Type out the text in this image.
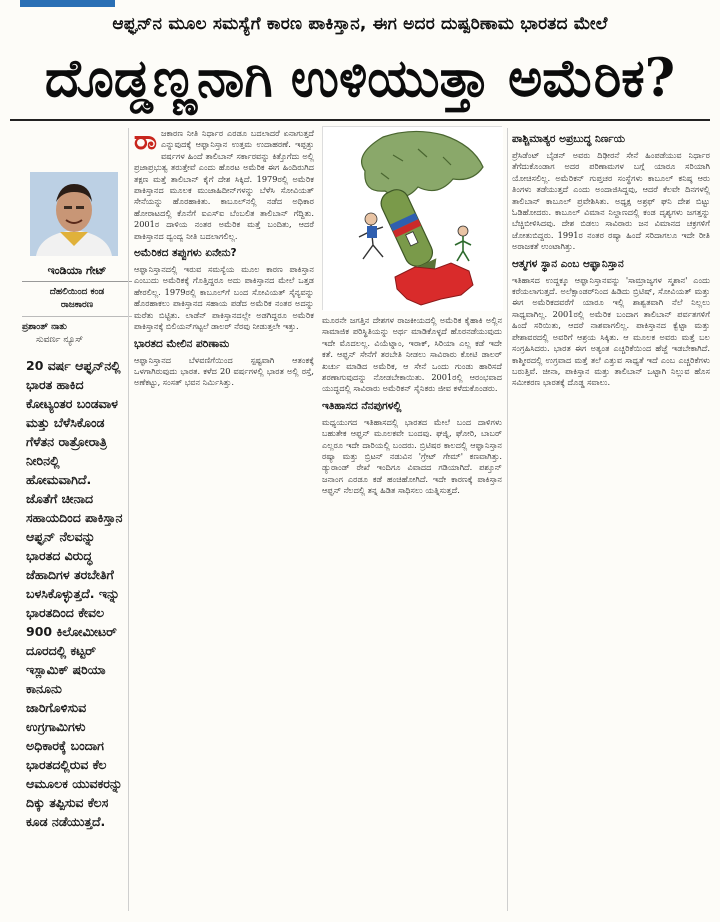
ಆಫ್ಘನ್‌ನ ಮೂಲ ಸಮಸ್ಯೆಗೆ ಕಾರಣ ಪಾಕಿಸ್ತಾನ, ಈಗ ಅದರ ದುಷ್ಪರಿಣಾಮ ಭಾರತದ ಮೇಲೆ
ದೊಡ್ಡಣ್ಣನಾಗಿ ಉಳಿಯುತ್ತಾ ಅಮೆರಿಕ?
ಇಂಡಿಯಾ ಗೇಟ್
ದೆಹಲಿಯಿಂದ ಕಂಡ
ರಾಜಕಾರಣ
ಪ್ರಶಾಂತ್ ನಾತು
ಸುವರ್ಣ ನ್ಯೂಸ್
20 ವರ್ಷ ಆಫ್ಘನ್‌ನಲ್ಲಿ ಭಾರತ ಹಾಕಿದ ಕೋಟ್ಯಂತರ ಬಂಡವಾಳ ಮತ್ತು ಬೆಳೆಸಿಕೊಂಡ ಗೆಳೆತನ ರಾತ್ರೋರಾತ್ರಿ ನೀರಿನಲ್ಲಿ ಹೋಮವಾಗಿದೆ. ಜೊತೆಗೆ ಚೀನಾದ ಸಹಾಯದಿಂದ ಪಾಕಿಸ್ತಾನ ಆಫ್ಘನ್ ನೆಲವನ್ನು ಭಾರತದ ವಿರುದ್ಧ ಜೆಹಾದಿಗಳ ತರಬೇತಿಗೆ ಬಳಸಿಕೊಳ್ಳುತ್ತದೆ. ಇನ್ನು ಭಾರತದಿಂದ ಕೇವಲ 900 ಕಿಲೋಮೀಟರ್ ದೂರದಲ್ಲಿ ಕಟ್ಟರ್ ಇಸ್ಲಾಮಿಕ್ ಷರಿಯಾ ಕಾನೂನು ಜಾರಿಗೊಳಿಸುವ ಉಗ್ರಗಾಮಿಗಳು ಅಧಿಕಾರಕ್ಕೆ ಬಂದಾಗ ಭಾರತದಲ್ಲಿರುವ ಕೆಲ ಆಮೂಲಕ ಯುವಕರನ್ನು ದಿಕ್ಕು ತಪ್ಪಿಸುವ ಕೆಲಸ ಕೂಡ ನಡೆಯುತ್ತದೆ.

ರಾಜಕಾರಣ ನೀತಿ ನಿರ್ಧಾರ ಎರಡೂ ಬದಲಾದರೆ ಏನಾಗುತ್ತದೆ ಎನ್ನುವುದಕ್ಕೆ ಆಫ್ಘಾನಿಸ್ತಾನ ಉತ್ತಮ ಉದಾಹರಣೆ. ಇಪ್ಪತ್ತು ವರ್ಷಗಳ ಹಿಂದೆ ತಾಲಿಬಾನ್ ಸರ್ಕಾರವನ್ನು ಕಿತ್ತೊಗೆದು ಅಲ್ಲಿ ಪ್ರಜಾಪ್ರಭುತ್ವ ತರುತ್ತೇವೆ ಎಂದು ಹೊರಟ ಅಮೆರಿಕ ಈಗ ಹಿಂದಿರುಗಿದ ತಕ್ಷಣ ಮತ್ತೆ ತಾಲಿಬಾನ್ ಕೈಗೆ ದೇಶ ಸಿಕ್ಕಿದೆ. 1979ರಲ್ಲಿ ಅಮೆರಿಕ ಪಾಕಿಸ್ತಾನದ ಮೂಲಕ ಮುಜಾಹಿದೀನ್‌ಗಳನ್ನು ಬೆಳೆಸಿ ಸೋವಿಯತ್ ಸೇನೆಯನ್ನು ಹೊರಹಾಕಿತು. ಕಾಬೂಲ್‌ನಲ್ಲಿ ನಡೆದ ಅಧಿಕಾರ ಹೋರಾಟದಲ್ಲಿ ಕೊನೆಗೆ ಐಎಸ್‌ಐ ಬೆಂಬಲಿತ ತಾಲಿಬಾನ್ ಗೆದ್ದಿತು. 2001ರ ದಾಳಿಯ ನಂತರ ಅಮೆರಿಕ ಮತ್ತೆ ಬಂದಿತು, ಆದರೆ ಪಾಕಿಸ್ತಾನದ ದ್ವಂದ್ವ ನೀತಿ ಬದಲಾಗಲಿಲ್ಲ.

ಅಮೆರಿಕದ ತಪ್ಪುಗಳು ಏನೇನು?

ಆಫ್ಘಾನಿಸ್ತಾನದಲ್ಲಿ ಇರುವ ಸಮಸ್ಯೆಯ ಮೂಲ ಕಾರಣ ಪಾಕಿಸ್ತಾನ ಎಂಬುದು ಅಮೆರಿಕಕ್ಕೆ ಗೊತ್ತಿದ್ದರೂ ಅದು ಪಾಕಿಸ್ತಾನದ ಮೇಲೆ ಒತ್ತಡ ಹೇರಲಿಲ್ಲ. 1979ರಲ್ಲಿ ಕಾಬೂಲ್‌ಗೆ ಬಂದ ಸೋವಿಯತ್ ಸೈನ್ಯವನ್ನು ಹೊರಹಾಕಲು ಪಾಕಿಸ್ತಾನದ ಸಹಾಯ ಪಡೆದ ಅಮೆರಿಕ ನಂತರ ಅದನ್ನು ಮರೆತು ಬಿಟ್ಟಿತು. ಲಾಡೆನ್ ಪಾಕಿಸ್ತಾನದಲ್ಲೇ ಅಡಗಿದ್ದರೂ ಅಮೆರಿಕ ಪಾಕಿಸ್ತಾನಕ್ಕೆ ಬಿಲಿಯನ್‌ಗಟ್ಟಲೆ ಡಾಲರ್ ನೆರವು ನೀಡುತ್ತಲೇ ಇತ್ತು.

ಭಾರತದ ಮೇಲಿನ ಪರಿಣಾಮ

ಆಫ್ಘಾನಿಸ್ತಾನದ ಬೆಳವಣಿಗೆಯಿಂದ ಸ್ಪಷ್ಟವಾಗಿ ಆತಂಕಕ್ಕೆ ಒಳಗಾಗಿರುವುದು ಭಾರತ. ಕಳೆದ 20 ವರ್ಷಗಳಲ್ಲಿ ಭಾರತ ಅಲ್ಲಿ ರಸ್ತೆ, ಅಣೆಕಟ್ಟು, ಸಂಸತ್ ಭವನ ನಿರ್ಮಿಸಿತ್ತು.

ಮೂರನೇ ಜಗತ್ತಿನ ದೇಶಗಳ ರಾಜಕೀಯದಲ್ಲಿ ಅಮೆರಿಕ ಕೈಹಾಕಿ ಅಲ್ಲಿನ ಸಾಮಾಜಿಕ ಪರಿಸ್ಥಿತಿಯನ್ನು ಅರ್ಥ ಮಾಡಿಕೊಳ್ಳದೆ ಹೊರನಡೆಯುವುದು ಇದೇ ಮೊದಲಲ್ಲ. ವಿಯೆಟ್ನಾಂ, ಇರಾಕ್, ಸಿರಿಯಾ ಎಲ್ಲ ಕಡೆ ಇದೇ ಕತೆ. ಆಫ್ಘನ್ ಸೇನೆಗೆ ತರಬೇತಿ ನೀಡಲು ಸಾವಿರಾರು ಕೋಟಿ ಡಾಲರ್ ಖರ್ಚು ಮಾಡಿದ ಅಮೆರಿಕ, ಆ ಸೇನೆ ಒಂದು ಗುಂಡು ಹಾರಿಸದೆ ಶರಣಾಗುವುದನ್ನು ನೋಡಬೇಕಾಯಿತು. 2001ರಲ್ಲಿ ಆರಂಭವಾದ ಯುದ್ಧದಲ್ಲಿ ಸಾವಿರಾರು ಅಮೆರಿಕನ್ ಸೈನಿಕರು ಜೀವ ಕಳೆದುಕೊಂಡರು.

ಇತಿಹಾಸದ ನೆನಪುಗಳಲ್ಲಿ

ಮಧ್ಯಯುಗದ ಇತಿಹಾಸದಲ್ಲಿ ಭಾರತದ ಮೇಲೆ ಬಂದ ದಾಳಿಗಳು ಬಹುತೇಕ ಆಫ್ಘನ್ ಮೂಲಕವೇ ಬಂದವು. ಘಜ್ನಿ, ಘೋರಿ, ಬಾಬರ್ ಎಲ್ಲರೂ ಇದೇ ದಾರಿಯಲ್ಲಿ ಬಂದರು. ಬ್ರಿಟಿಷರ ಕಾಲದಲ್ಲಿ ಆಫ್ಘಾನಿಸ್ತಾನ ರಷ್ಯಾ ಮತ್ತು ಬ್ರಿಟನ್ ನಡುವಿನ 'ಗ್ರೇಟ್ ಗೇಮ್' ಕಣವಾಗಿತ್ತು. ಡ್ಯುರಾಂಡ್ ರೇಖೆ ಇಂದಿಗೂ ವಿವಾದದ ಗಡಿಯಾಗಿದೆ. ಪಶ್ತೂನ್ ಜನಾಂಗ ಎರಡೂ ಕಡೆ ಹಂಚಿಹೋಗಿದೆ. ಇದೇ ಕಾರಣಕ್ಕೆ ಪಾಕಿಸ್ತಾನ ಆಫ್ಘನ್ ನೆಲದಲ್ಲಿ ತನ್ನ ಹಿಡಿತ ಸಾಧಿಸಲು ಯತ್ನಿಸುತ್ತದೆ.

ಪಾಶ್ಚಿಮಾತ್ಯರ ಅಪ್ರಬುದ್ಧ ನಿರ್ಣಯ

ಪ್ರೆಸಿಡೆಂಟ್ ಬೈಡನ್ ಅವರು ದಿಢೀರನೆ ಸೇನೆ ಹಿಂಪಡೆಯುವ ನಿರ್ಧಾರ ತೆಗೆದುಕೊಂಡಾಗ ಅದರ ಪರಿಣಾಮಗಳ ಬಗ್ಗೆ ಯಾರೂ ಸರಿಯಾಗಿ ಯೋಚಿಸಲಿಲ್ಲ. ಅಮೆರಿಕನ್ ಗುಪ್ತಚರ ಸಂಸ್ಥೆಗಳು ಕಾಬೂಲ್ ಕನಿಷ್ಠ ಆರು ತಿಂಗಳು ತಡೆಯುತ್ತದೆ ಎಂದು ಅಂದಾಜಿಸಿದ್ದವು, ಆದರೆ ಕೆಲವೇ ದಿನಗಳಲ್ಲಿ ತಾಲಿಬಾನ್ ಕಾಬೂಲ್ ಪ್ರವೇಶಿಸಿತು. ಅಧ್ಯಕ್ಷ ಅಶ್ರಫ್ ಘನಿ ದೇಶ ಬಿಟ್ಟು ಓಡಿಹೋದರು. ಕಾಬೂಲ್ ವಿಮಾನ ನಿಲ್ದಾಣದಲ್ಲಿ ಕಂಡ ದೃಶ್ಯಗಳು ಜಗತ್ತನ್ನು ಬೆಚ್ಚಿಬೀಳಿಸಿದವು. ದೇಶ ಬಿಡಲು ಸಾವಿರಾರು ಜನ ವಿಮಾನದ ಚಕ್ರಗಳಿಗೆ ಜೋತುಬಿದ್ದರು. 1991ರ ನಂತರ ರಷ್ಯಾ ಹಿಂದೆ ಸರಿದಾಗಲೂ ಇದೇ ರೀತಿ ಅರಾಜಕತೆ ಉಂಟಾಗಿತ್ತು.

ಆತ್ಮಗಳ ಸ್ಥಾನ ಎಂಬ ಆಫ್ಘಾನಿಸ್ತಾನ

ಇತಿಹಾಸದ ಉದ್ದಕ್ಕೂ ಆಫ್ಘಾನಿಸ್ತಾನವನ್ನು 'ಸಾಮ್ರಾಜ್ಯಗಳ ಸ್ಮಶಾನ' ಎಂದು ಕರೆಯಲಾಗುತ್ತದೆ. ಅಲೆಕ್ಸಾಂಡರ್‌ನಿಂದ ಹಿಡಿದು ಬ್ರಿಟಿಷ್, ಸೋವಿಯತ್ ಮತ್ತು ಈಗ ಅಮೆರಿಕದವರೆಗೆ ಯಾರೂ ಇಲ್ಲಿ ಶಾಶ್ವತವಾಗಿ ನೆಲೆ ನಿಲ್ಲಲು ಸಾಧ್ಯವಾಗಿಲ್ಲ. 2001ರಲ್ಲಿ ಅಮೆರಿಕ ಬಂದಾಗ ತಾಲಿಬಾನ್ ಪರ್ವತಗಳಿಗೆ ಹಿಂದೆ ಸರಿಯಿತು, ಆದರೆ ನಾಶವಾಗಲಿಲ್ಲ. ಪಾಕಿಸ್ತಾನದ ಕ್ವೆಟ್ಟಾ ಮತ್ತು ಪೇಶಾವರದಲ್ಲಿ ಅವರಿಗೆ ಆಶ್ರಯ ಸಿಕ್ಕಿತು. ಆ ಮೂಲಕ ಅವರು ಮತ್ತೆ ಬಲ ಸಂಗ್ರಹಿಸಿದರು. ಭಾರತ ಈಗ ಅತ್ಯಂತ ಎಚ್ಚರಿಕೆಯಿಂದ ಹೆಜ್ಜೆ ಇಡಬೇಕಾಗಿದೆ. ಕಾಶ್ಮೀರದಲ್ಲಿ ಉಗ್ರವಾದ ಮತ್ತೆ ತಲೆ ಎತ್ತುವ ಸಾಧ್ಯತೆ ಇದೆ ಎಂಬ ಎಚ್ಚರಿಕೆಗಳು ಬರುತ್ತಿವೆ. ಚೀನಾ, ಪಾಕಿಸ್ತಾನ ಮತ್ತು ತಾಲಿಬಾನ್ ಒಟ್ಟಾಗಿ ನಿಲ್ಲುವ ಹೊಸ ಸಮೀಕರಣ ಭಾರತಕ್ಕೆ ದೊಡ್ಡ ಸವಾಲು.
